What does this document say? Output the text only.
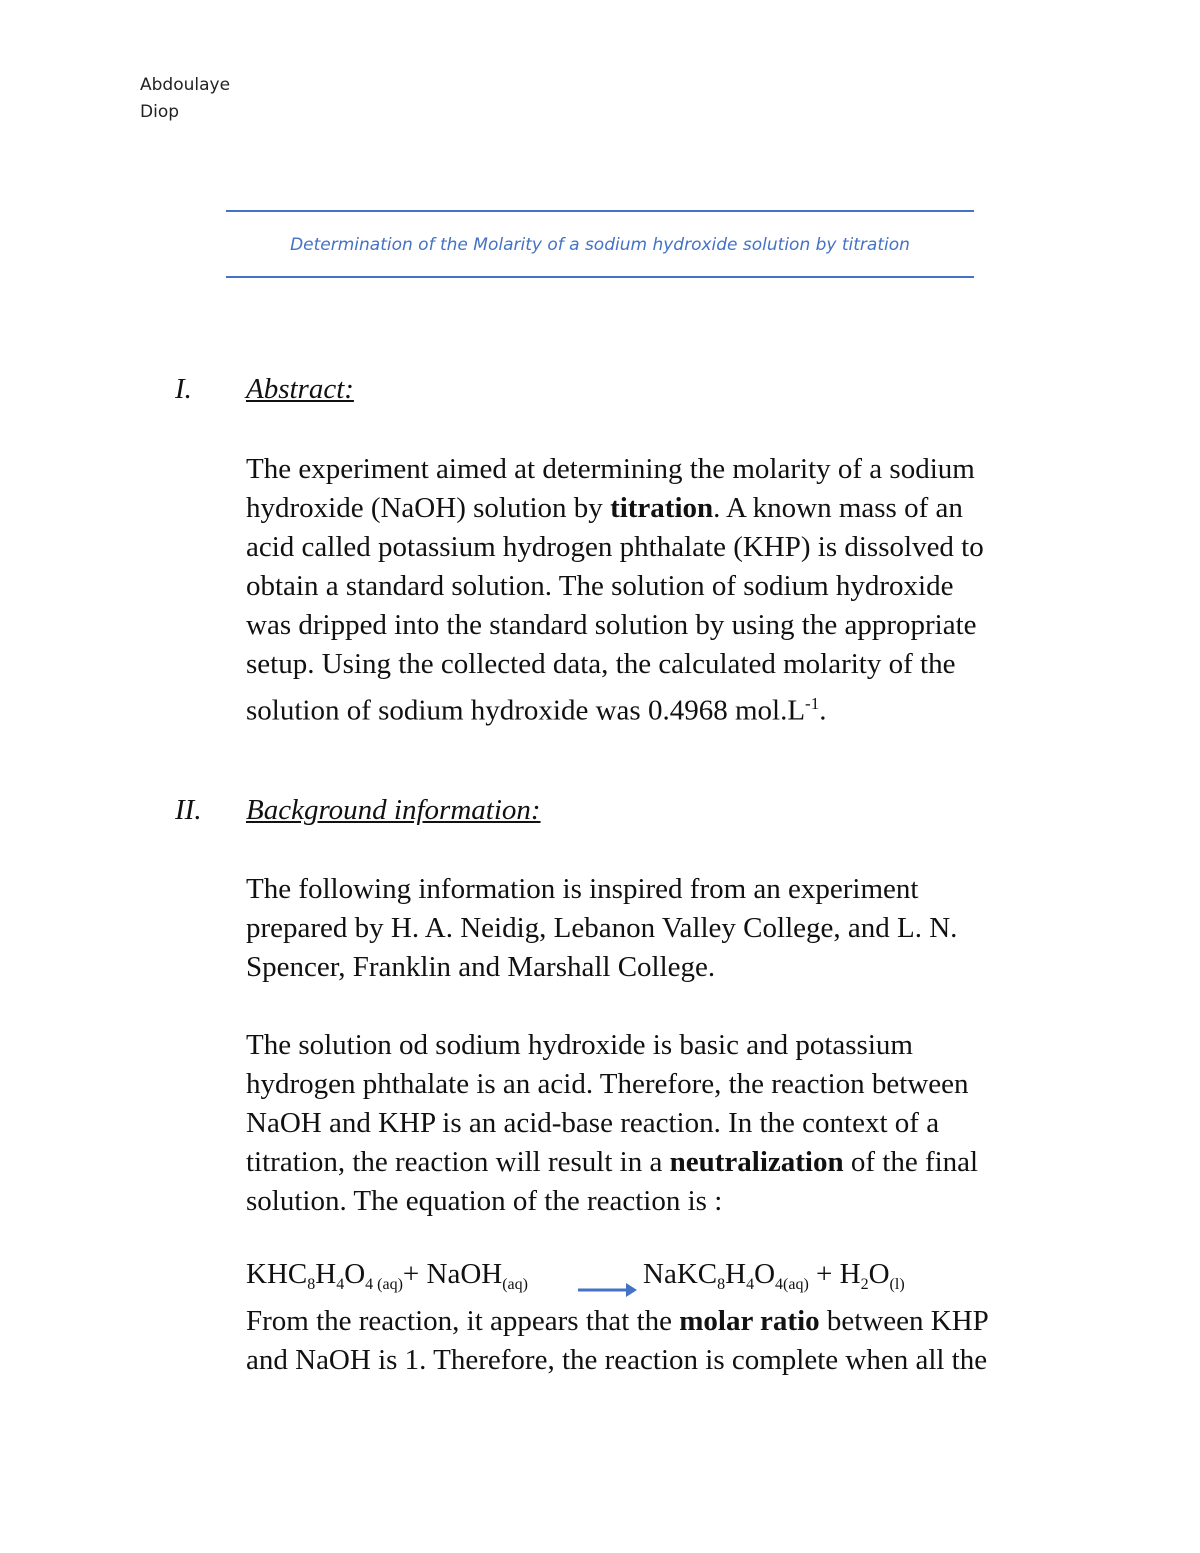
Abdoulaye
Diop
Determination of the Molarity of a sodium hydroxide solution by titration
I. Abstract:
The experiment aimed at determining the molarity of a sodium
hydroxide (NaOH) solution by titration. A known mass of an
acid called potassium hydrogen phthalate (KHP) is dissolved to
obtain a standard solution. The solution of sodium hydroxide
was dripped into the standard solution by using the appropriate
setup. Using the collected data, the calculated molarity of the
solution of sodium hydroxide was 0.4968 $mol.L^{-1}$.
II. Background information:
The following information is inspired from an experiment
prepared by H. A. Neidig, Lebanon Valley College, and L. N.
Spencer, Franklin and Marshall College.
The solution od sodium hydroxide is basic and potassium
hydrogen phthalate is an acid. Therefore, the reaction between
NaOH and KHP is an acid-base reaction. In the context of a
titration, the reaction will result in a neutralization of the final
solution. The equation of the reaction is :
$KHC_8H_4O_{4 (aq)}+$ NaOH$_{(aq)}$ → $NaKC_8H_4O_{4(aq)} + H_2O_{(l)}$
From the reaction, it appears that the molar ratio between KHP
and NaOH is 1. Therefore, the reaction is complete when all the
